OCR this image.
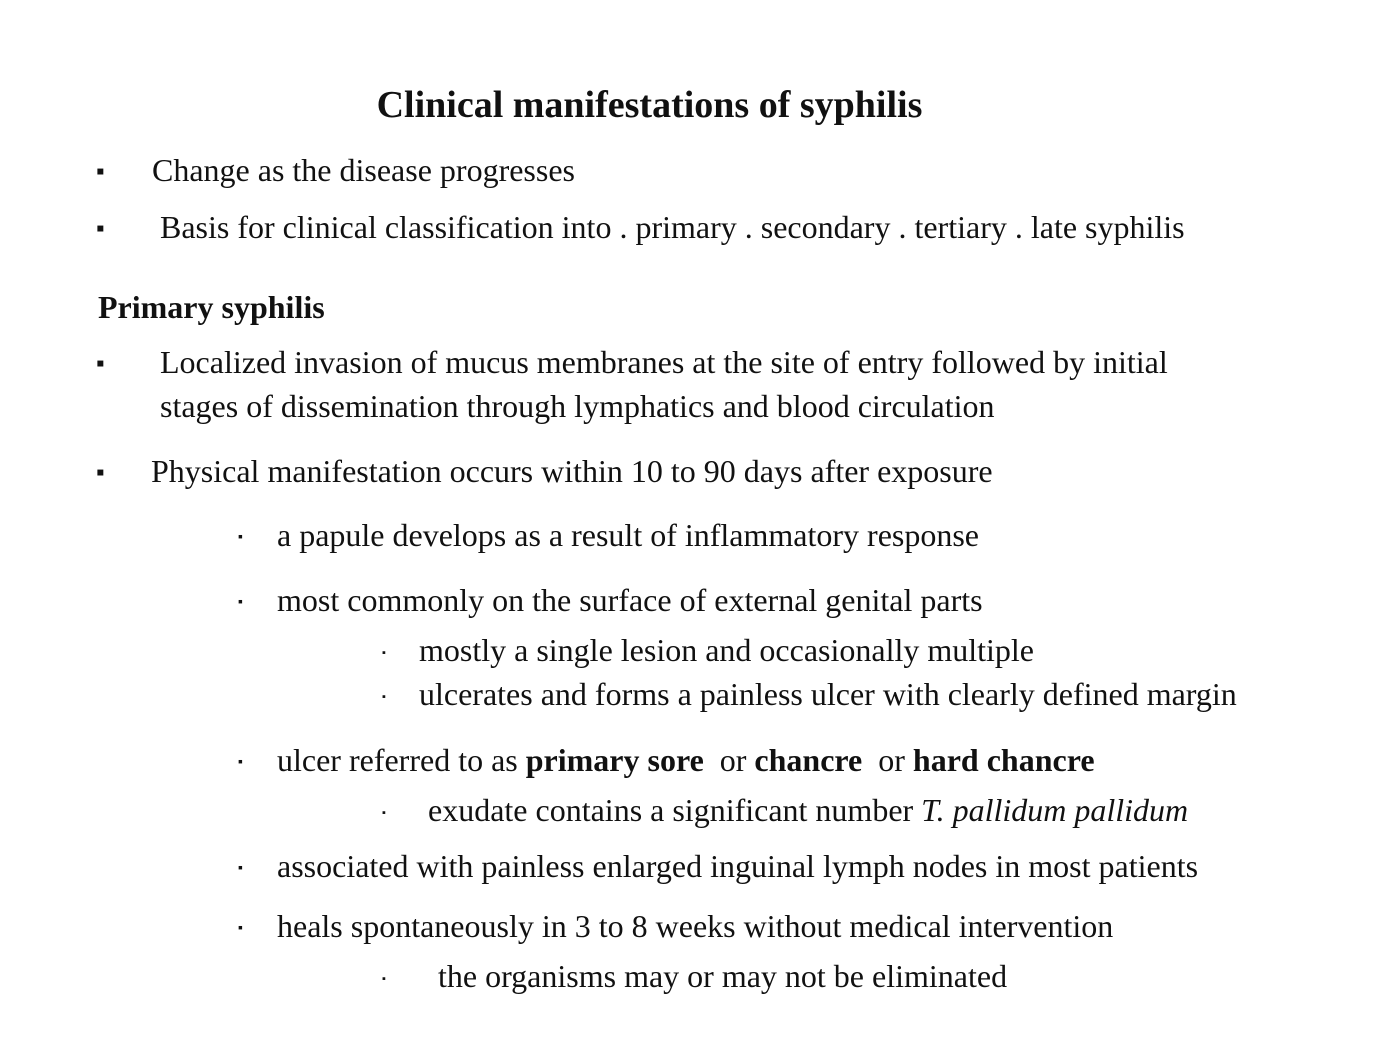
Clinical manifestations of syphilis
▪ Change as the disease progresses
▪ Basis for clinical classification into . primary . secondary . tertiary . late syphilis
Primary syphilis
▪ Localized invasion of mucus membranes at the site of entry followed by initial
stages of dissemination through lymphatics and blood circulation
▪ Physical manifestation occurs within 10 to 90 days after exposure
▪ a papule develops as a result of inflammatory response
▪ most commonly on the surface of external genital parts
▪ mostly a single lesion and occasionally multiple
▪ ulcerates and forms a painless ulcer with clearly defined margin
▪ ulcer referred to as primary sore  or chancre  or hard chancre
▪ exudate contains a significant number T. pallidum pallidum
▪ associated with painless enlarged inguinal lymph nodes in most patients
▪ heals spontaneously in 3 to 8 weeks without medical intervention
▪ the organisms may or may not be eliminated
